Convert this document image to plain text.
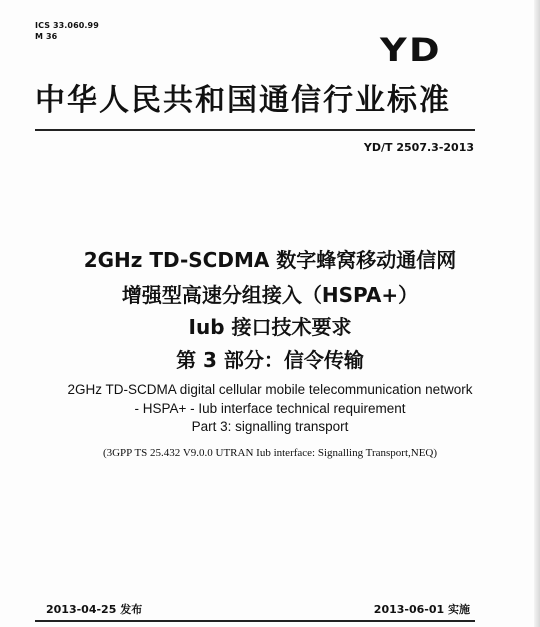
ICS 33.060.99
M 36	YD
中华人民共和国通信行业标准
YD/T 2507.3-2013
2GHz TD-SCDMA 数字蜂窝移动通信网
增强型高速分组接入（HSPA+）
Iub 接口技术要求
第 3 部分：信令传输
2GHz TD-SCDMA digital cellular mobile telecommunication network
- HSPA+ - Iub interface technical requirement
Part 3: signalling transport
(3GPP TS 25.432 V9.0.0 UTRAN Iub interface: Signalling Transport,NEQ)
2013-04-25 发布	2013-06-01 实施
